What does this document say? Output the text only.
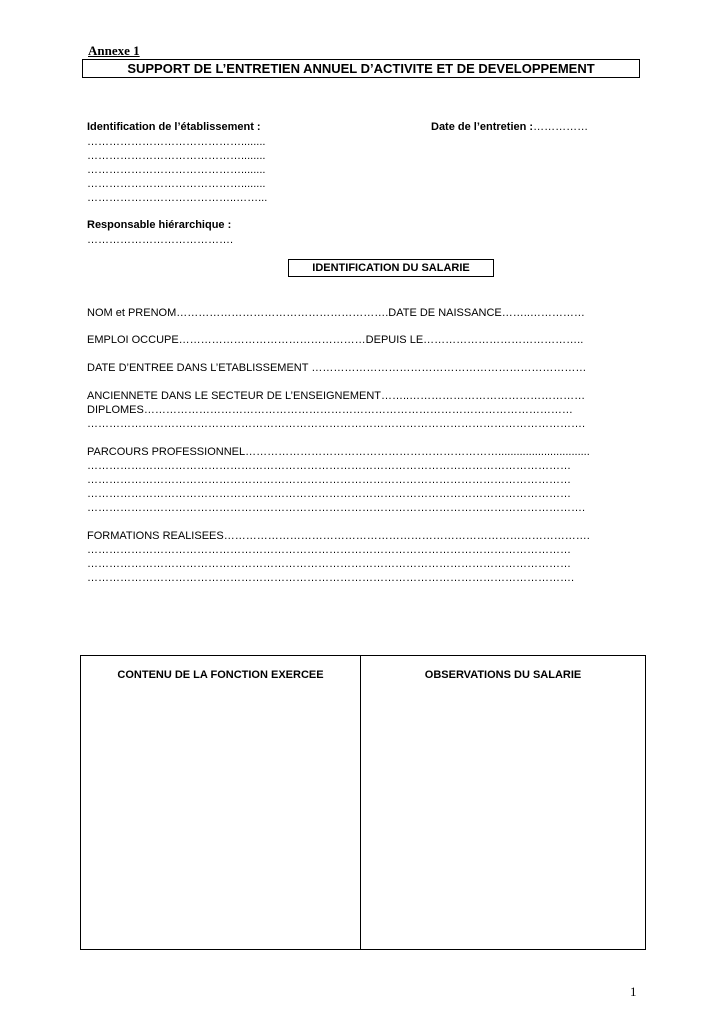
Annexe 1
SUPPORT DE L’ENTRETIEN ANNUEL D’ACTIVITE ET DE DEVELOPPEMENT
Identification de l’établissement :	Date de l’entretien :……………
……………………………………........
……………………………………........
……………………………………........
……………………………………........
…………………………………..……...
Responsable hiérarchique :
………………………………….
IDENTIFICATION DU SALARIE
NOM et PRENOM………………………………………………….DATE DE NAISSANCE……..……………
EMPLOI OCCUPE……………………………………………DEPUIS LE……………………………………..
DATE D’ENTREE DANS L’ETABLISSEMENT …………………………………………………………………
ANCIENNETE DANS LE SECTEUR DE L’ENSEIGNEMENT……..…………………………………………
DIPLOMES………………………………………………………………………………………………………
……………………………………………………………………………………………………………………….
PARCOURS PROFESSIONNEL……………………………………………………………..............................
……………………………………………………………………………………………………………………
……………………………………………………………………………………………………………………
……………………………………………………………………………………………………………………
……………………………………………………………………………………………………………………….
FORMATIONS REALISEES……………………………………………………………………………………….
……………………………………………………………………………………………………………………
……………………………………………………………………………………………………………………
…………………………………………………………………………………………………………………….
CONTENU DE LA FONCTION EXERCEE	OBSERVATIONS DU SALARIE
1
